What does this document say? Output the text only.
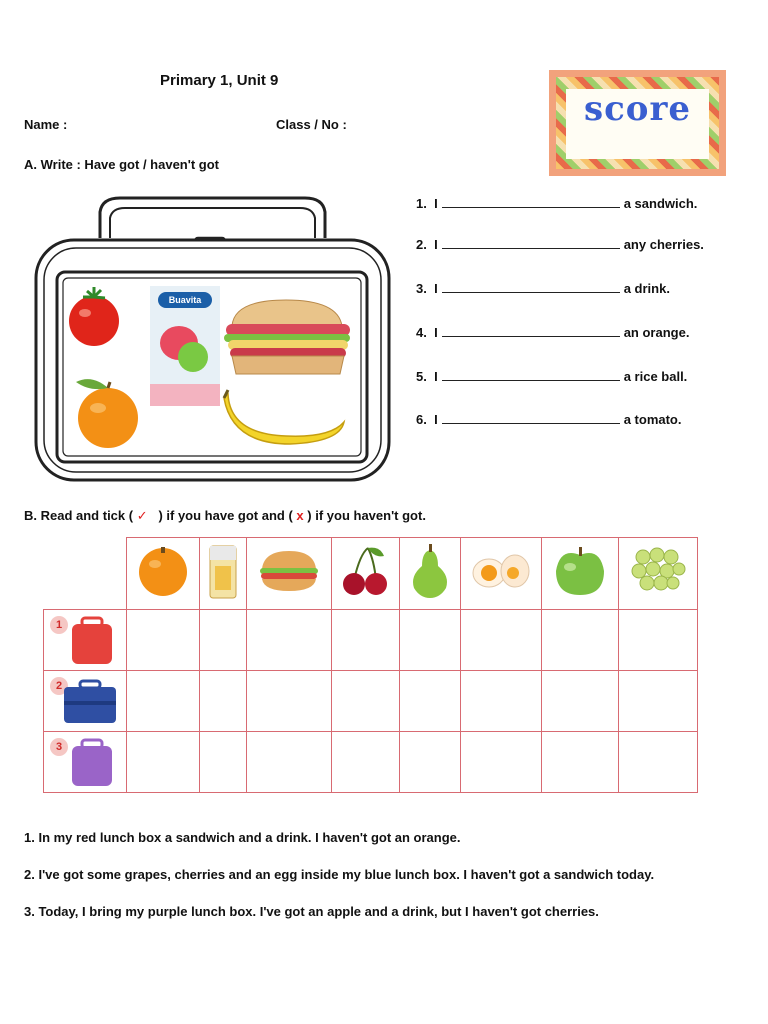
Primary 1, Unit 9
Name :	Class / No :	score
A. Write : Have got / haven't got
Buavita
1. I	a sandwich.
2. I	any cherries.
3. I	a drink.
4. I	an orange.
5. I	a rice ball.
6. I	a tomato.
B. Read and tick ( ✓ ) if you have got and ( x ) if you haven't got.

1								

2								

3								

1. In my red lunch box a sandwich and a drink. I haven't got an orange.
2. I've got some grapes, cherries and an egg inside my blue lunch box. I haven't got a sandwich today.
3. Today, I bring my purple lunch box. I've got an apple and a drink, but I haven't got cherries.
